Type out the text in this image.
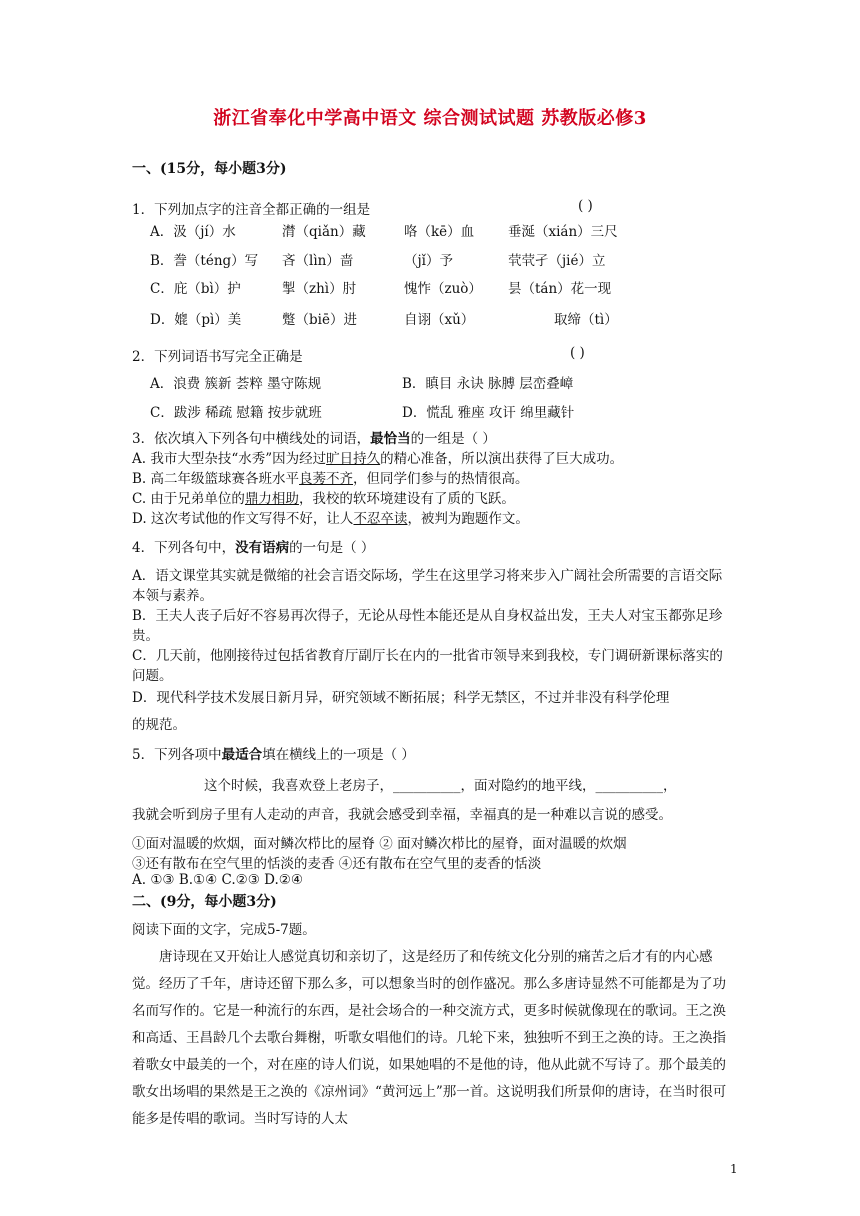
浙江省奉化中学高中语文 综合测试试题 苏教版必修3
一、(15分，每小题3分)
1．下列加点字的注音全都正确的一组是	( )
A．汲（jí）水	潸（qiǎn）藏	咯（kē）血	垂涎（xián）三尺
B．誊（téng）写 吝（lìn）啬	（jǐ）予	茕茕孑（jié）立
C．庇（bì）护	掣（zhì）肘	愧怍（zuò） 昙（tán）花一现
D．媲（pì）美	蹩（biē）进	自诩（xǔ）	取缔（tì）
2．下列词语书写完全正确是	( )
A．浪费 簇新 荟粹 墨守陈规	B．瞋目 永诀 脉膊 层峦叠嶂
C．跋涉 稀疏 慰籍 按步就班	D．慌乱 雅座 攻讦 绵里藏针
3．依次填入下列各句中横线处的词语，最恰当的一组是（ ）
A. 我市大型杂技“水秀”因为经过旷日持久的精心准备，所以演出获得了巨大成功。
B. 高二年级篮球赛各班水平良莠不齐，但同学们参与的热情很高。
C. 由于兄弟单位的鼎力相助，我校的软环境建设有了质的飞跃。
D. 这次考试他的作文写得不好，让人不忍卒读，被判为跑题作文。
4．下列各句中，没有语病的一句是（ ）
A．语文课堂其实就是微缩的社会言语交际场，学生在这里学习将来步入广阔社会所需要的言语交际本领与素养。
B．王夫人丧子后好不容易再次得子，无论从母性本能还是从自身权益出发，王夫人对宝玉都弥足珍贵。
C．几天前，他刚接待过包括省教育厅副厅长在内的一批省市领导来到我校，专门调研新课标落实的问题。
D．现代科学技术发展日新月异，研究领域不断拓展；科学无禁区，不过并非没有科学伦理
的规范。
5．下列各项中最适合填在横线上的一项是（ ）
这个时候，我喜欢登上老房子，__________，面对隐约的地平线，__________，
我就会听到房子里有人走动的声音，我就会感受到幸福，幸福真的是一种难以言说的感受。
①面对温暖的炊烟，面对鳞次栉比的屋脊 ② 面对鳞次栉比的屋脊，面对温暖的炊烟
③还有散布在空气里的恬淡的麦香 ④还有散布在空气里的麦香的恬淡
A. ①③ B.①④ C.②③ D.②④
二、(9分，每小题3分)
阅读下面的文字，完成5-7题。

唐诗现在又开始让人感觉真切和亲切了，这是经历了和传统文化分别的痛苦之后才有的内心感觉。经历了千年，唐诗还留下那么多，可以想象当时的创作盛况。那么多唐诗显然不可能都是为了功名而写作的。它是一种流行的东西，是社会场合的一种交流方式，更多时候就像现在的歌词。王之涣和高适、王昌龄几个去歌台舞榭，听歌女唱他们的诗。几轮下来，独独听不到王之涣的诗。王之涣指着歌女中最美的一个，对在座的诗人们说，如果她唱的不是他的诗，他从此就不写诗了。那个最美的歌女出场唱的果然是王之涣的《凉州词》“黄河远上”那一首。这说明我们所景仰的唐诗，在当时很可能多是传唱的歌词。当时写诗的人太

1
